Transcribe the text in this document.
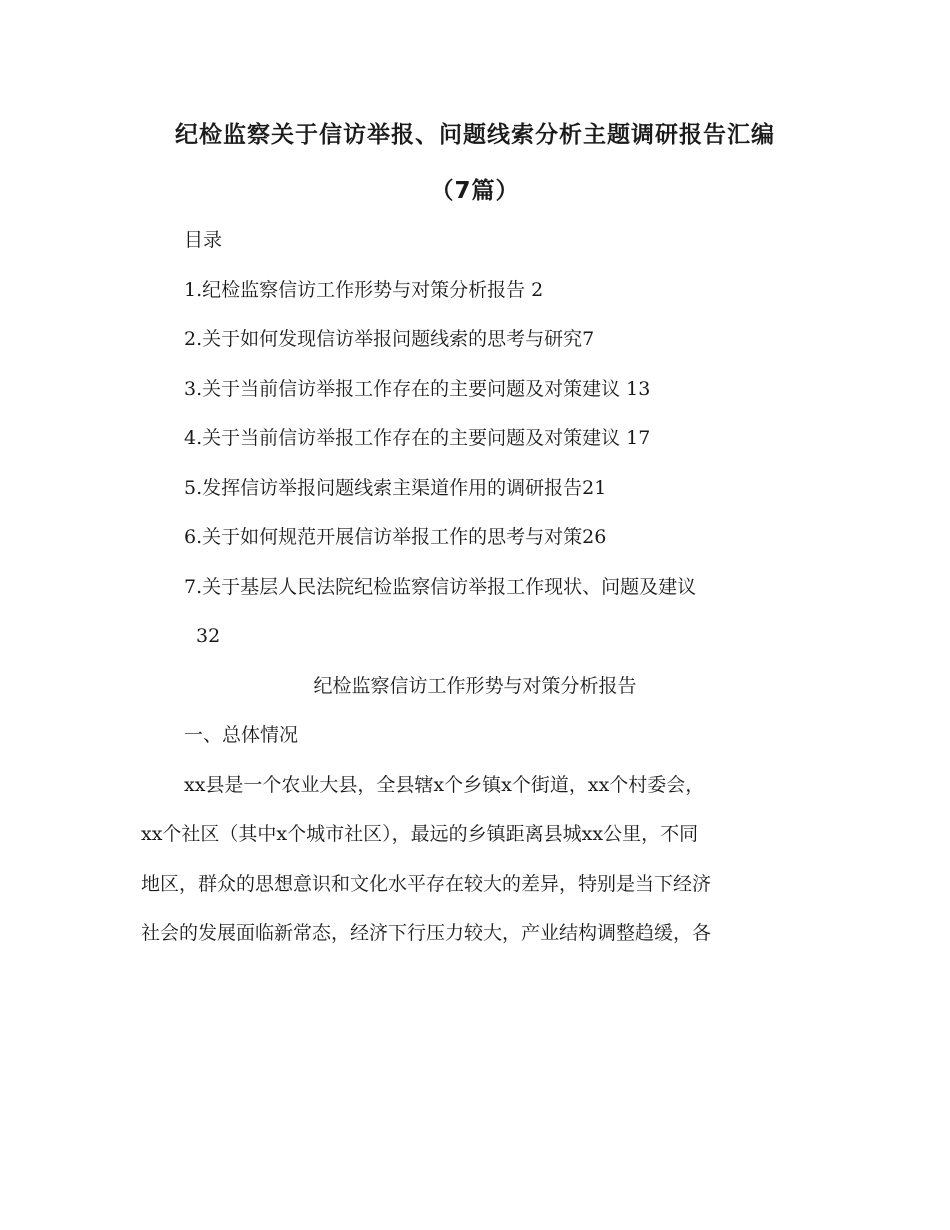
纪检监察关于信访举报、问题线索分析主题调研报告汇编
（7篇）
目录
1.纪检监察信访工作形势与对策分析报告 2
2.关于如何发现信访举报问题线索的思考与研究7
3.关于当前信访举报工作存在的主要问题及对策建议 13
4.关于当前信访举报工作存在的主要问题及对策建议 17
5.发挥信访举报问题线索主渠道作用的调研报告21
6.关于如何规范开展信访举报工作的思考与对策26
7.关于基层人民法院纪检监察信访举报工作现状、问题及建议
32
纪检监察信访工作形势与对策分析报告
一、总体情况
xx县是一个农业大县，全县辖x个乡镇x个街道，xx个村委会，
xx个社区（其中x个城市社区），最远的乡镇距离县城xx公里，不同
地区，群众的思想意识和文化水平存在较大的差异，特别是当下经济
社会的发展面临新常态，经济下行压力较大，产业结构调整趋缓，各
